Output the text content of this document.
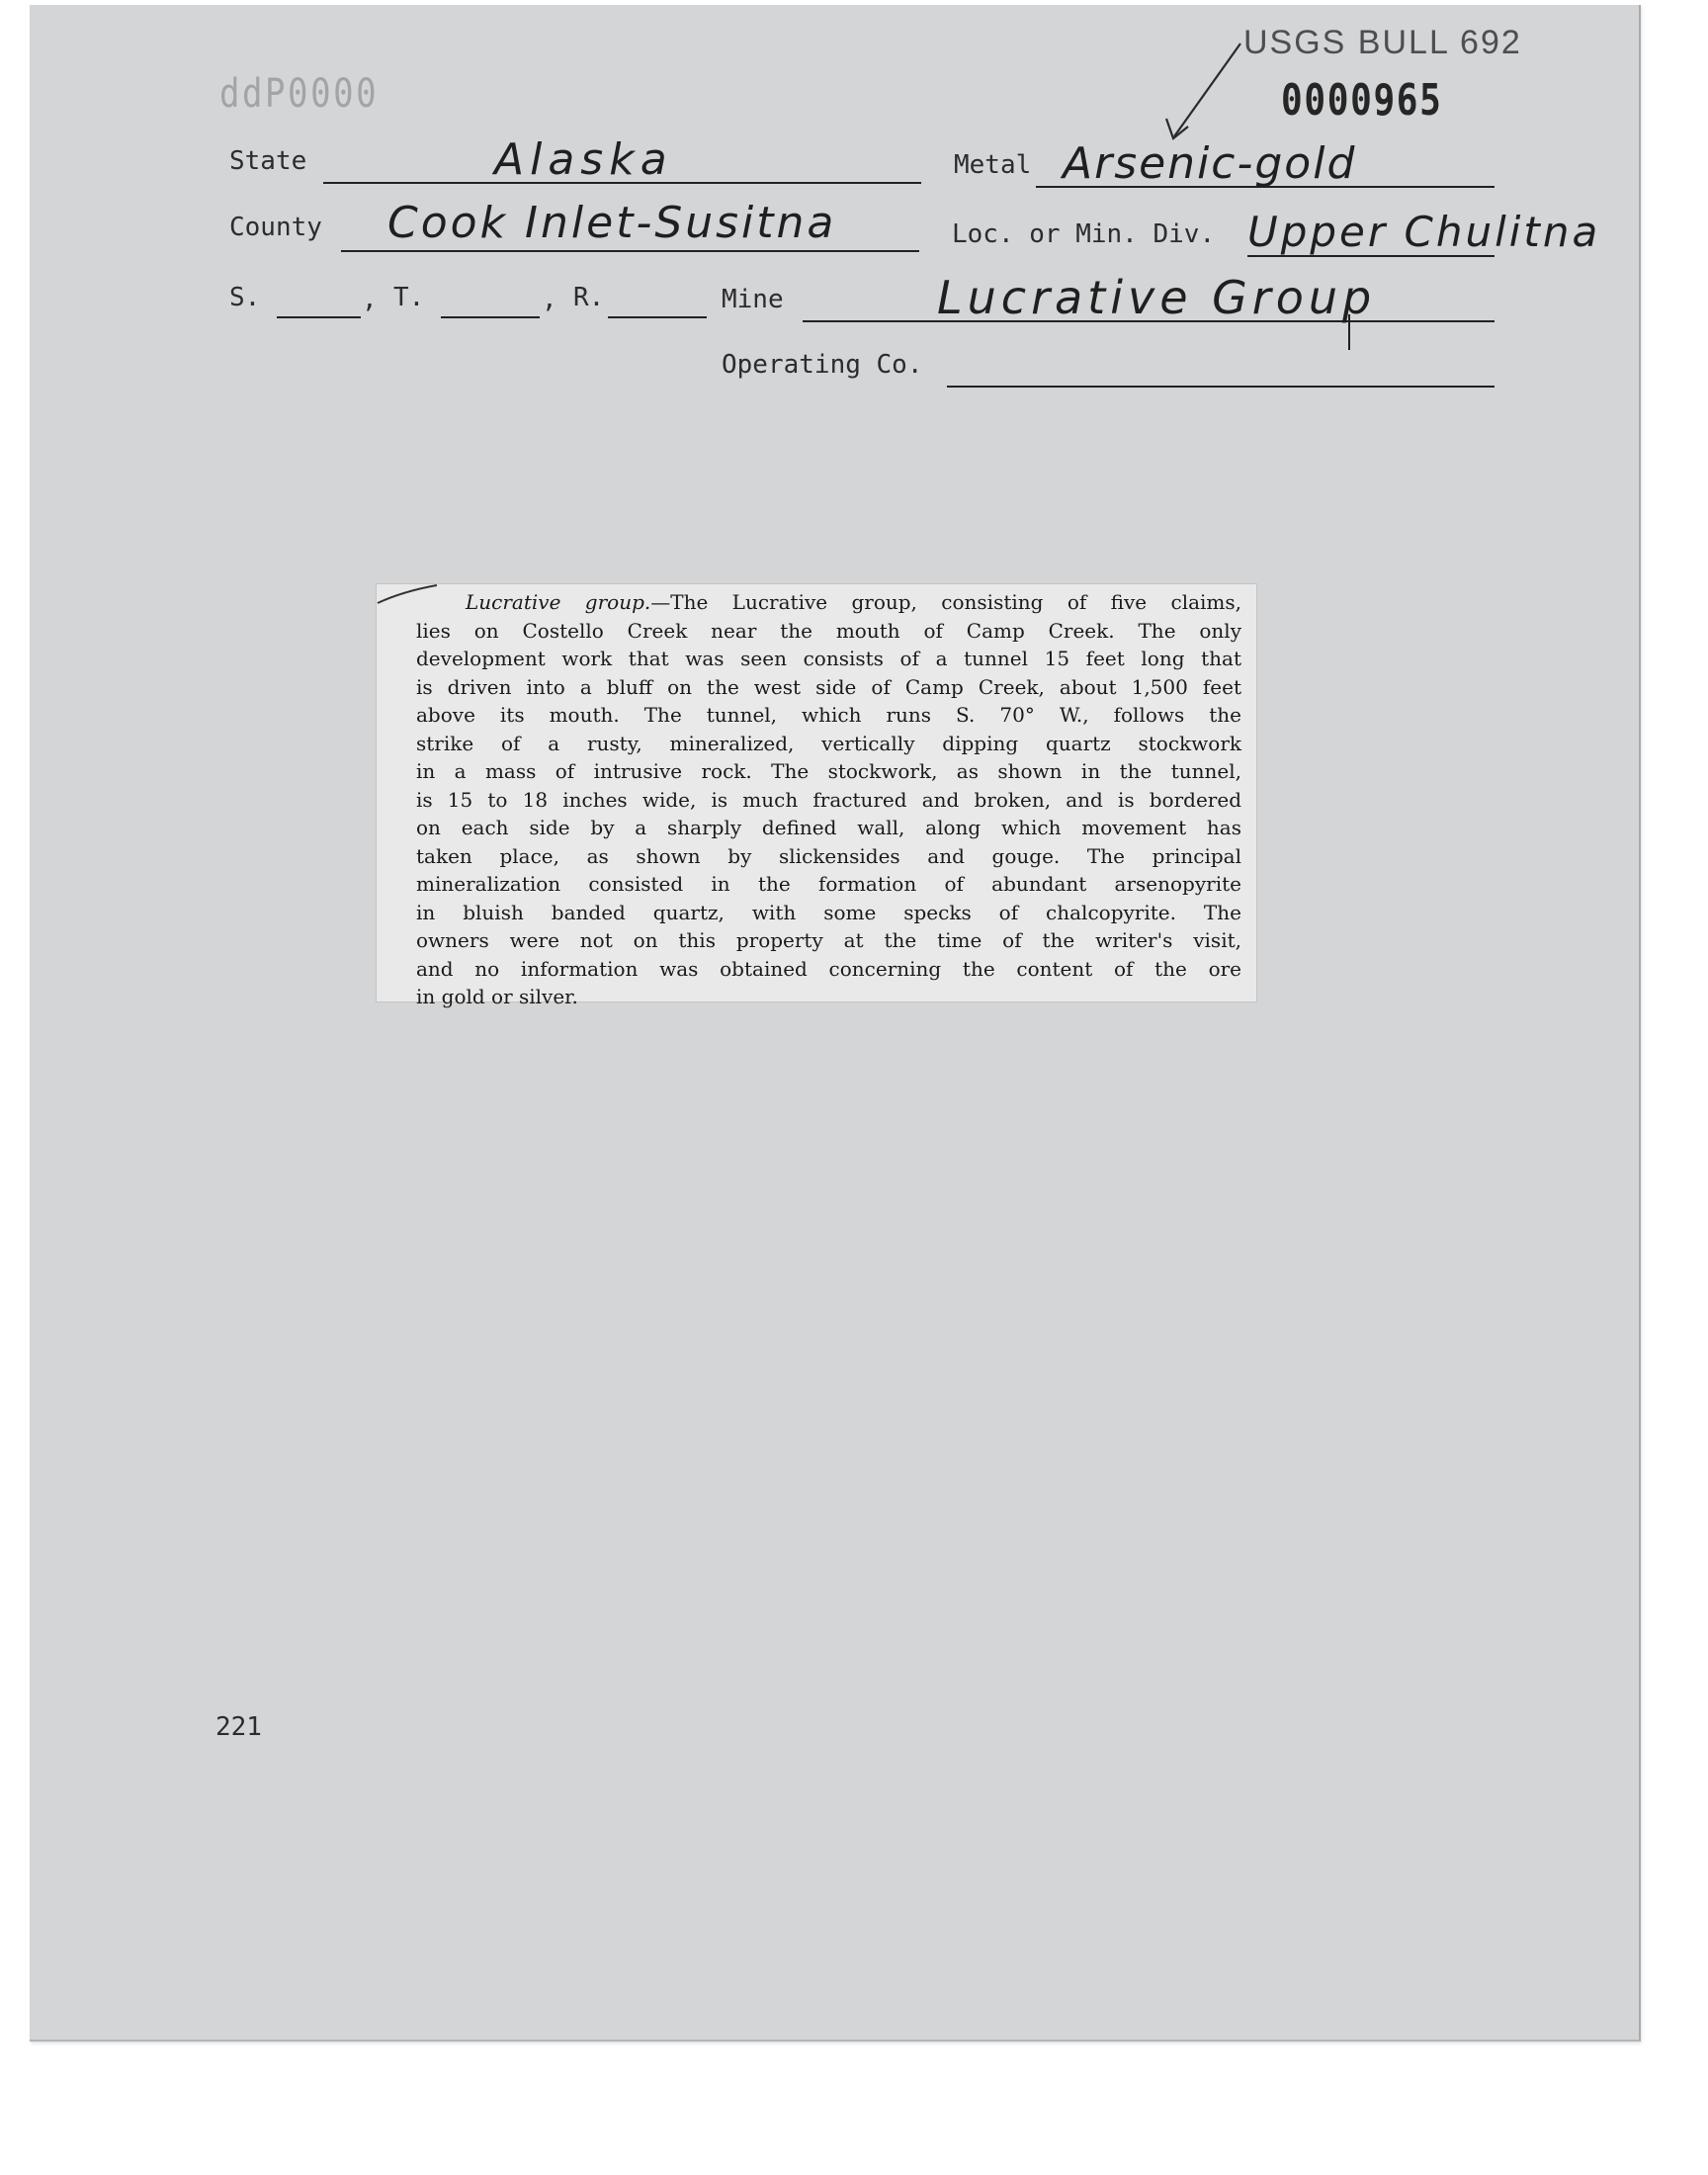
ddP0000
USGS BULL 692
0000965
State	Alaska	Metal Arsenic-gold
County Cook Inlet-Susitna	Loc. or Min. Div. Upper Chulitna
S.	, T.	, R.	Mine	Lucrative Group
Operating Co.

Lucrative group.—The Lucrative group, consisting of five claims,
lies on Costello Creek near the mouth of Camp Creek. The only
development work that was seen consists of a tunnel 15 feet long that
is driven into a bluff on the west side of Camp Creek, about 1,500 feet
above its mouth. The tunnel, which runs S. 70° W., follows the
strike of a rusty, mineralized, vertically dipping quartz stockwork
in a mass of intrusive rock. The stockwork, as shown in the tunnel,
is 15 to 18 inches wide, is much fractured and broken, and is bordered
on each side by a sharply defined wall, along which movement has
taken place, as shown by slickensides and gouge. The principal
mineralization consisted in the formation of abundant arsenopyrite
in bluish banded quartz, with some specks of chalcopyrite. The
owners were not on this property at the time of the writer's visit,
and no information was obtained concerning the content of the ore
in gold or silver.

221
